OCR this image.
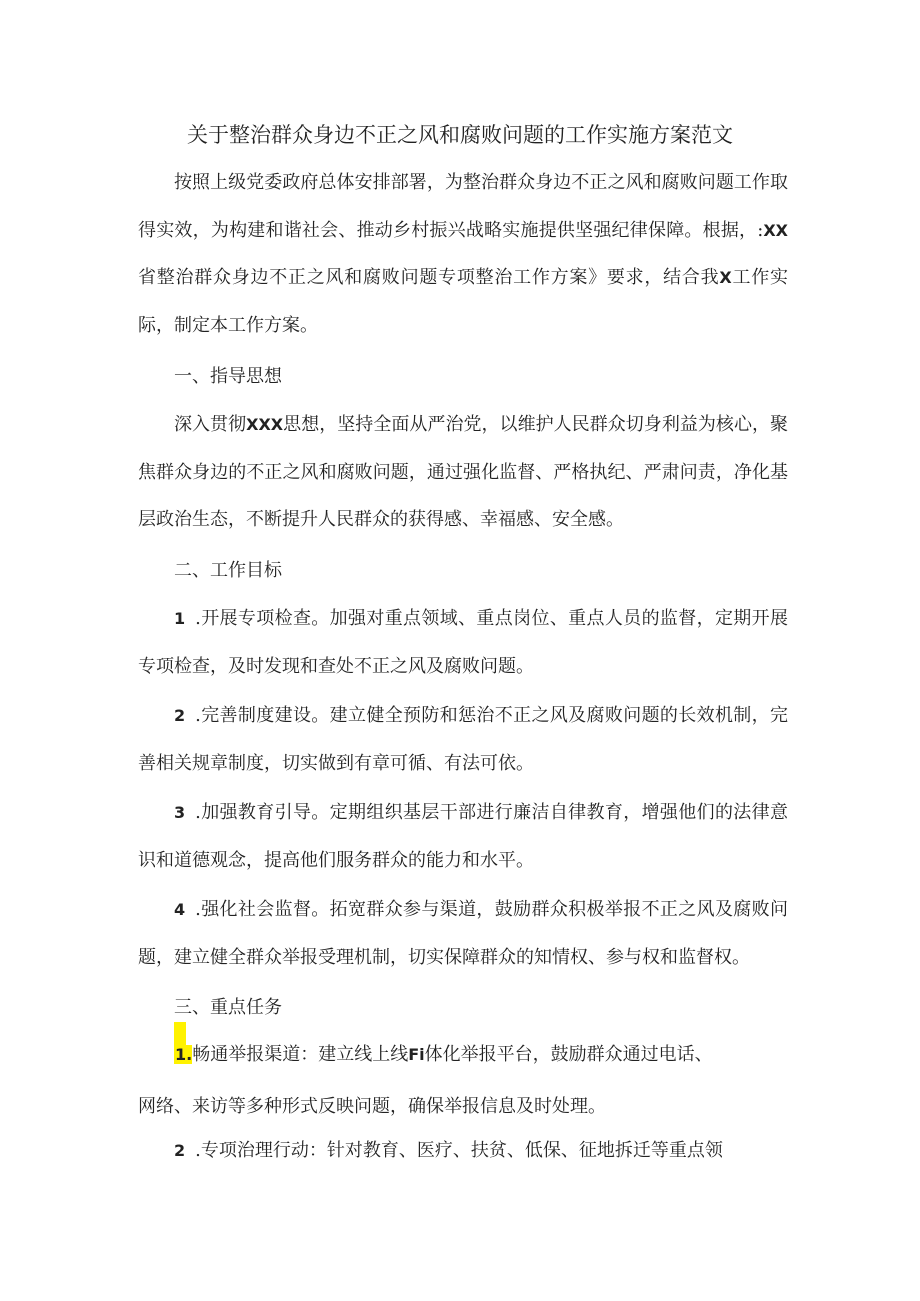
关于整治群众身边不正之风和腐败问题的工作实施方案范文
按照上级党委政府总体安排部署，为整治群众身边不正之风和腐败问题工作取得实效，为构建和谐社会、推动乡村振兴战略实施提供坚强纪律保障。根据，:XX省整治群众身边不正之风和腐败问题专项整治工作方案》要求，结合我X工作实际，制定本工作方案。
一、指导思想
深入贯彻XXX思想，坚持全面从严治党，以维护人民群众切身利益为核心，聚焦群众身边的不正之风和腐败问题，通过强化监督、严格执纪、严肃问责，净化基层政治生态，不断提升人民群众的获得感、幸福感、安全感。
二、工作目标
1 .开展专项检查。加强对重点领域、重点岗位、重点人员的监督，定期开展专项检查，及时发现和查处不正之风及腐败问题。
2 .完善制度建设。建立健全预防和惩治不正之风及腐败问题的长效机制，完善相关规章制度，切实做到有章可循、有法可依。
3 .加强教育引导。定期组织基层干部进行廉洁自律教育，增强他们的法律意识和道德观念，提高他们服务群众的能力和水平。
4 .强化社会监督。拓宽群众参与渠道，鼓励群众积极举报不正之风及腐败问题，建立健全群众举报受理机制，切实保障群众的知情权、参与权和监督权。
三、重点任务
1.畅通举报渠道：建立线上线Fi体化举报平台，鼓励群众通过电话、
网络、来访等多种形式反映问题，确保举报信息及时处理。
2 .专项治理行动：针对教育、医疗、扶贫、低保、征地拆迁等重点领
